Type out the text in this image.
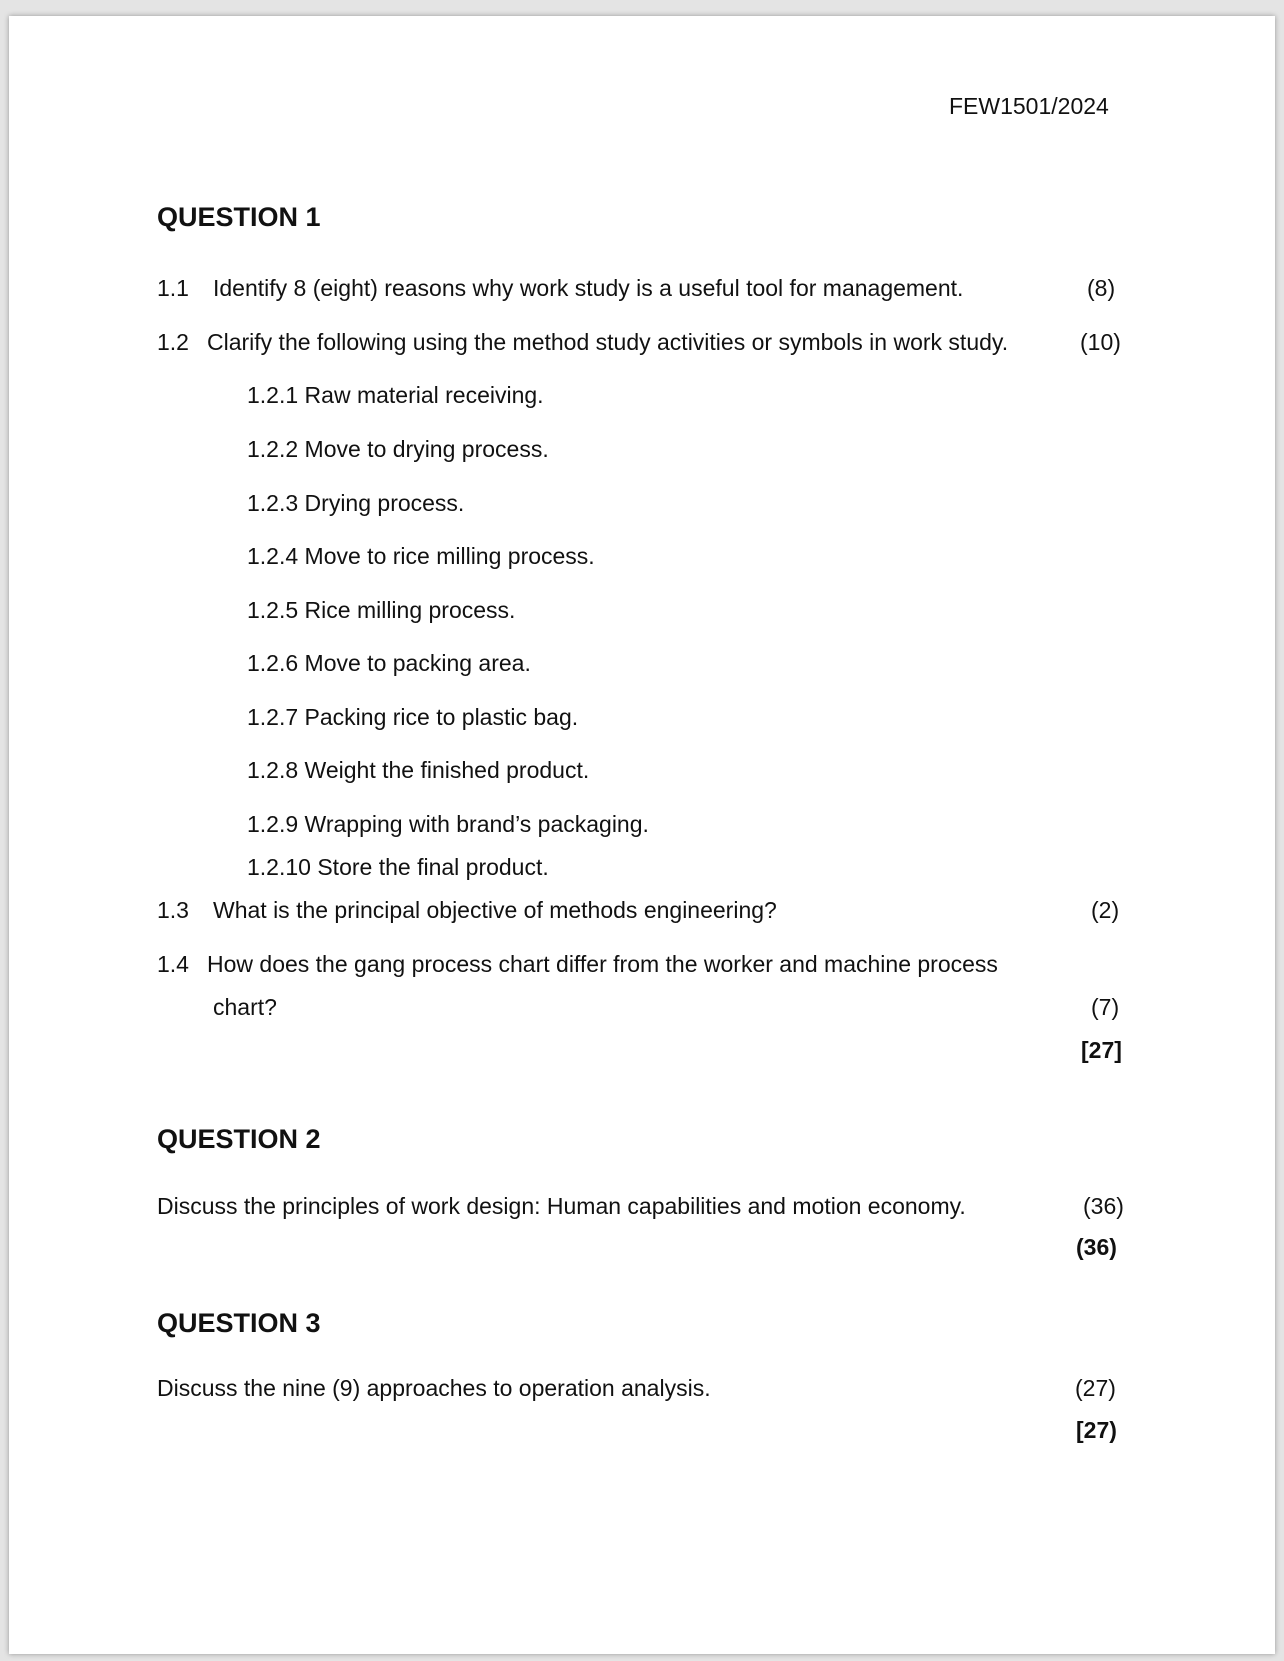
FEW1501/2024
QUESTION 1
1.1 Identify 8 (eight) reasons why work study is a useful tool for management.	(8)
1.2 Clarify the following using the method study activities or symbols in work study.	(10)
1.2.1 Raw material receiving.
1.2.2 Move to drying process.
1.2.3 Drying process.
1.2.4 Move to rice milling process.
1.2.5 Rice milling process.
1.2.6 Move to packing area.
1.2.7 Packing rice to plastic bag.
1.2.8 Weight the finished product.
1.2.9 Wrapping with brand’s packaging.
1.2.10 Store the final product.
1.3 What is the principal objective of methods engineering?	(2)
1.4 How does the gang process chart differ from the worker and machine process
chart?	(7)
[27]
QUESTION 2
Discuss the principles of work design: Human capabilities and motion economy.	(36)
(36)
QUESTION 3
Discuss the nine (9) approaches to operation analysis.	(27)
[27)
